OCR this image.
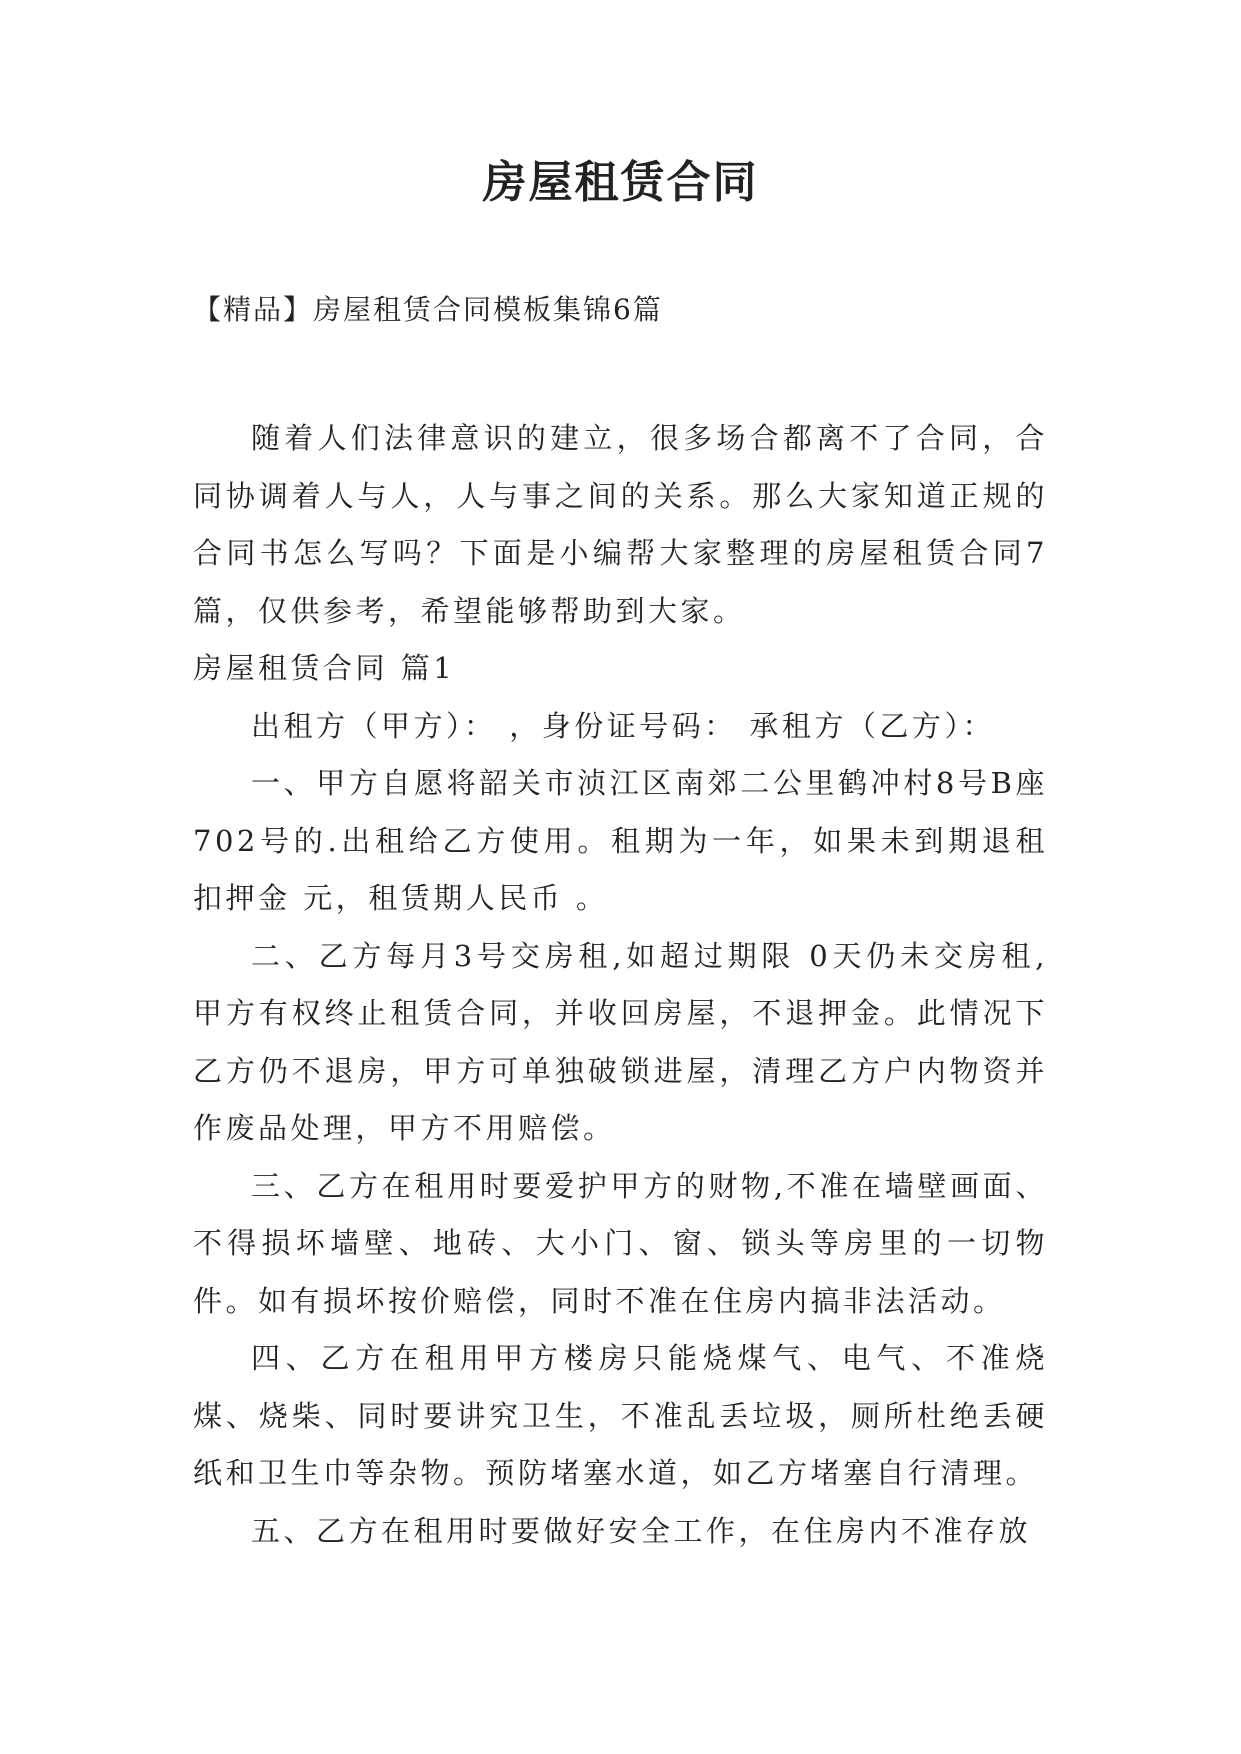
房屋租赁合同
【精品】房屋租赁合同模板集锦6篇

随着人们法律意识的建立，很多场合都离不了合同，合同协调着人与人，人与事之间的关系。那么大家知道正规的合同书怎么写吗？下面是小编帮大家整理的房屋租赁合同7篇，仅供参考，希望能够帮助到大家。

房屋租赁合同 篇1

出租方（甲方）： ，身份证号码： 承租方（乙方）：

一、甲方自愿将韶关市浈江区南郊二公里鹤冲村8号B座702号的.出租给乙方使用。租期为一年，如果未到期退租扣押金 元，租赁期人民币 。

二、乙方每月3号交房租,如超过期限 0天仍未交房租,甲方有权终止租赁合同，并收回房屋，不退押金。此情况下乙方仍不退房，甲方可单独破锁进屋，清理乙方户内物资并作废品处理，甲方不用赔偿。

三、乙方在租用时要爱护甲方的财物,不准在墙壁画面、不得损坏墙壁、地砖、大小门、窗、锁头等房里的一切物件。如有损坏按价赔偿，同时不准在住房内搞非法活动。

四、乙方在租用甲方楼房只能烧煤气、电气、不准烧煤、烧柴、同时要讲究卫生，不准乱丢垃圾，厕所杜绝丢硬纸和卫生巾等杂物。预防堵塞水道，如乙方堵塞自行清理。

五、乙方在租用时要做好安全工作，在住房内不准存放
